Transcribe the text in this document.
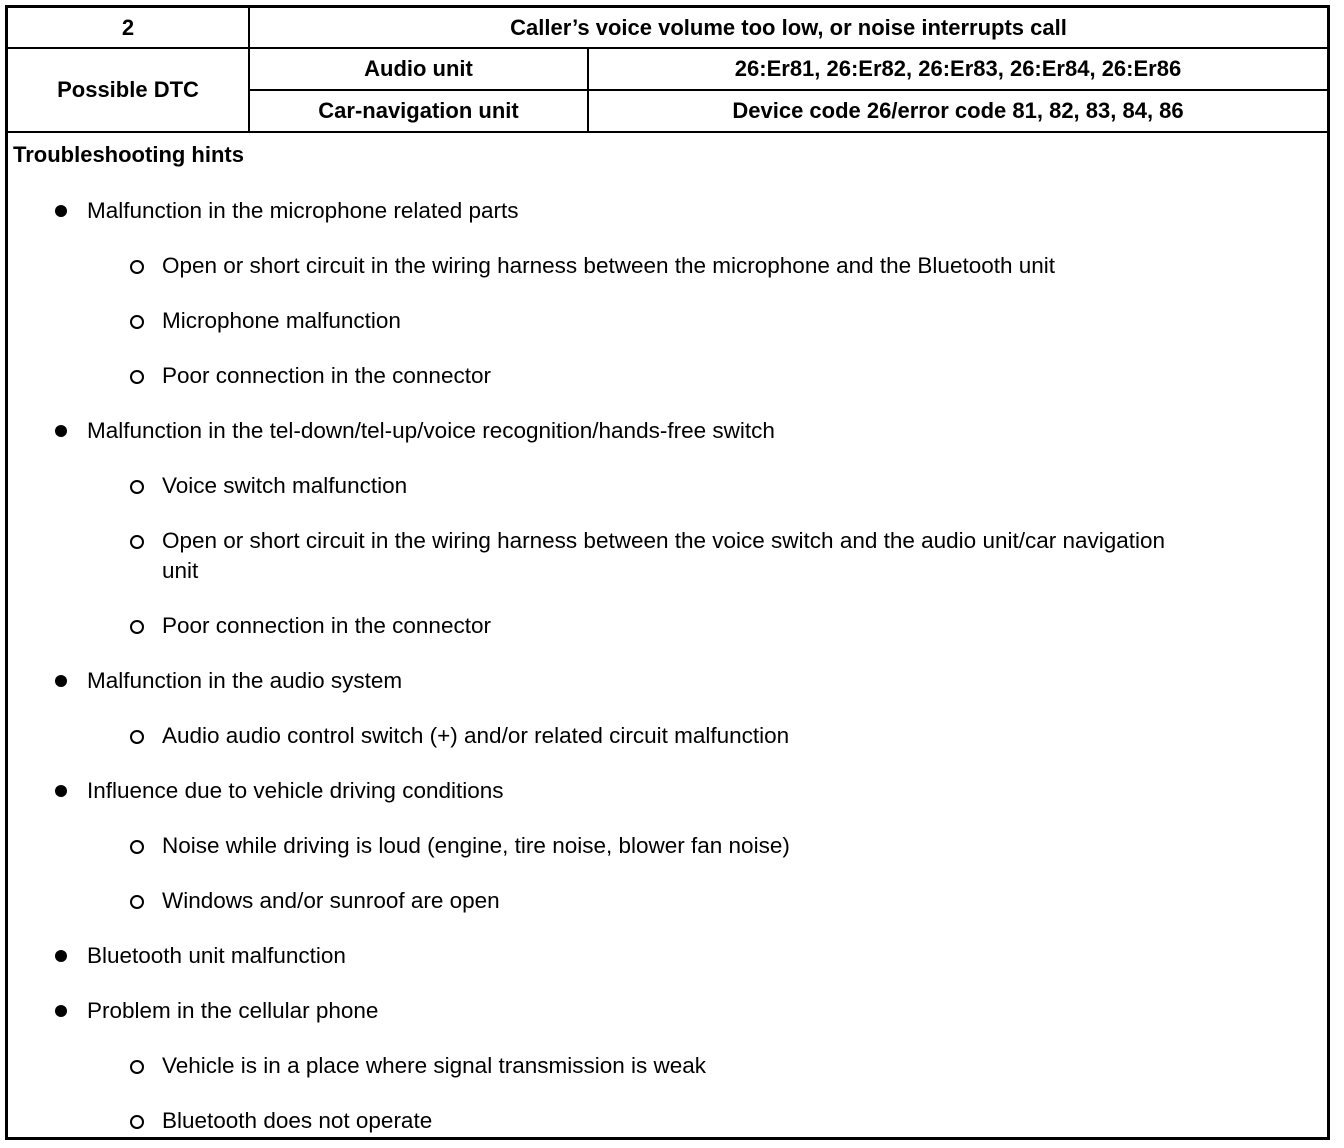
2	Caller’s voice volume too low, or noise interrupts call
Possible DTC
Audio unit	26:Er81, 26:Er82, 26:Er83, 26:Er84, 26:Er86
Car-navigation unit	Device code 26/error code 81, 82, 83, 84, 86
Troubleshooting hints
Malfunction in the microphone related parts
Open or short circuit in the wiring harness between the microphone and the Bluetooth unit
Microphone malfunction
Poor connection in the connector
Malfunction in the tel-down/tel-up/voice recognition/hands-free switch
Voice switch malfunction
Open or short circuit in the wiring harness between the voice switch and the audio unit/car navigation unit
Poor connection in the connector
Malfunction in the audio system
Audio audio control switch (+) and/or related circuit malfunction
Influence due to vehicle driving conditions
Noise while driving is loud (engine, tire noise, blower fan noise)
Windows and/or sunroof are open
Bluetooth unit malfunction
Problem in the cellular phone
Vehicle is in a place where signal transmission is weak
Bluetooth does not operate
